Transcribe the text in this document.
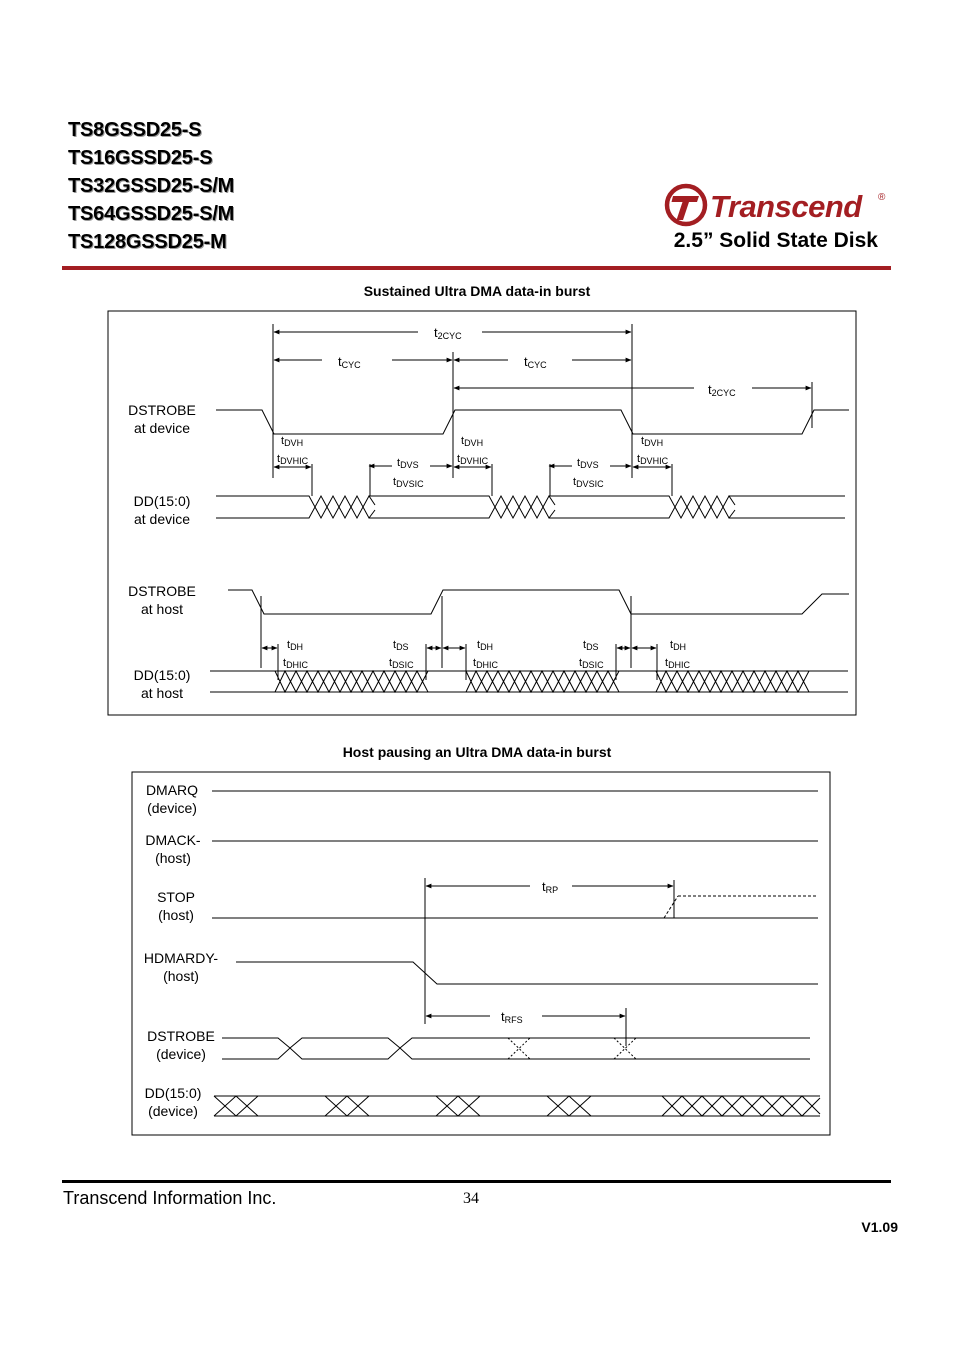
TS8GSSD25-S
TS16GSSD25-S
TS32GSSD25-S/M
TS64GSSD25-S/M
TS128GSSD25-M
Transcend ®
2.5” Solid State Disk
Sustained Ultra DMA data-in burst
Host pausing an Ultra DMA data-in burst
DSTROBE
at device
DD(15:0)
at device
DSTROBE
at host
DD(15:0)
at host
t2CYC
tCYC	tCYC
t2CYC
tDVH	tDVH	tDVH
tDVHIC	tDVHIC	tDVHIC
tDVS	tDVS
tDVSIC	tDVSIC
tDH	tDH	tDH
tDHIC	tDHIC	tDHIC
tDS	tDS
tDSIC	tDSIC
DMARQ
(device)
DMACK-
(host)
STOP
(host)
HDMARDY-
(host)
DSTROBE
(device)
DD(15:0)
(device)
tRP
tRFS
Transcend Information Inc.	34
V1.09
